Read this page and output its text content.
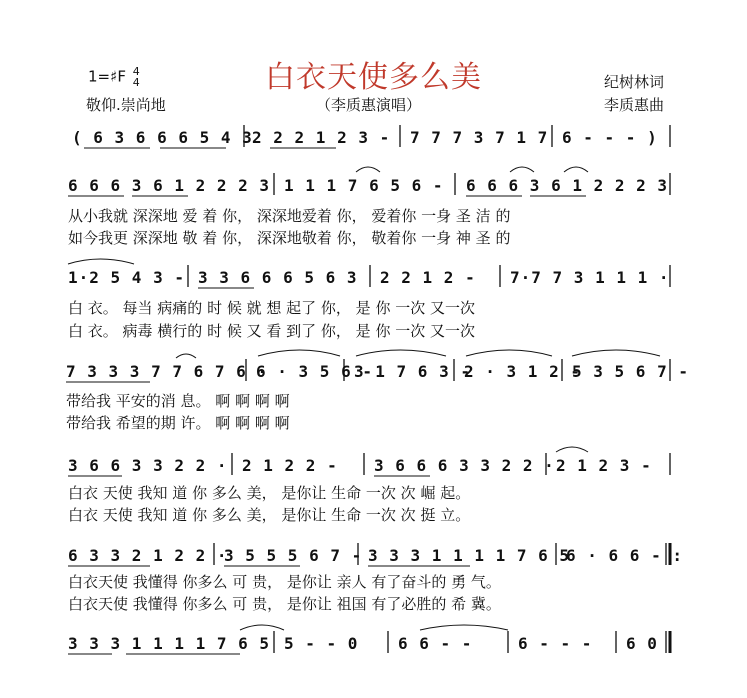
白衣天使多么美
1=♯F 4
4
敬仰.崇尚地	（李质惠演唱）
纪树林词
李质惠曲
( 6 3 6 6 6 5 4 3 2 2 2 1 2 3 - 7 7 7 3 7 1 7 6 - - - )
6 6 6 3 6 1 2 2 2 3 1 1 1 7 6 5 6 - 6 6 6 3 6 1 2 2 2 3
从小我就 深深地 爱 着 你， 深深地爱着 你， 爱着你 一身 圣 洁 的
如今我更 深深地 敬 着 你， 深深地敬着 你， 敬着你 一身 神 圣 的
1·2 5 4 3 - 3 3 6 6 6 5 6 3 2 2 1 2 - 7·7 7 3 1 1 1 ·
白 衣。 每当 病痛的 时 候 就 想 起了 你， 是 你 一次 又一次
白 衣。 病毒 横行的 时 候 又 看 到了 你， 是 你 一次 又一次
7 3 3 3 7 7 6 7 6 ·
6 · 3 5 6 -
3 1 7 6 3 -
2 · 3 1 2 -
5 3 5 6 7 -
带给我 平安的消 息。 啊 啊 啊 啊
带给我 希望的期 许。 啊 啊 啊 啊
3 6 6 3 3 2 2 · 2 1 2 2 - 3 6 6 6 3 3 2 2 · 2 1 2 3 -
白衣 天使 我知 道 你 多么 美， 是你让 生命 一次 次 崛 起。
白衣 天使 我知 道 你 多么 美， 是你让 生命 一次 次 挺 立。
6 3 3 2 1 2 2 ·
3 5 5 5 6 7 - 3 3 3 1 1 1 1 7 6 5
6 · 6 6 - :
白衣天使 我懂得 你多么 可 贵， 是你让 亲人 有了奋斗的 勇 气。
白衣天使 我懂得 你多么 可 贵， 是你让 祖国 有了必胜的 希 冀。
3 3 3 1 1 1 1 7 6 5 5 - - 0 6 6 - -	6 - - - 6 0
